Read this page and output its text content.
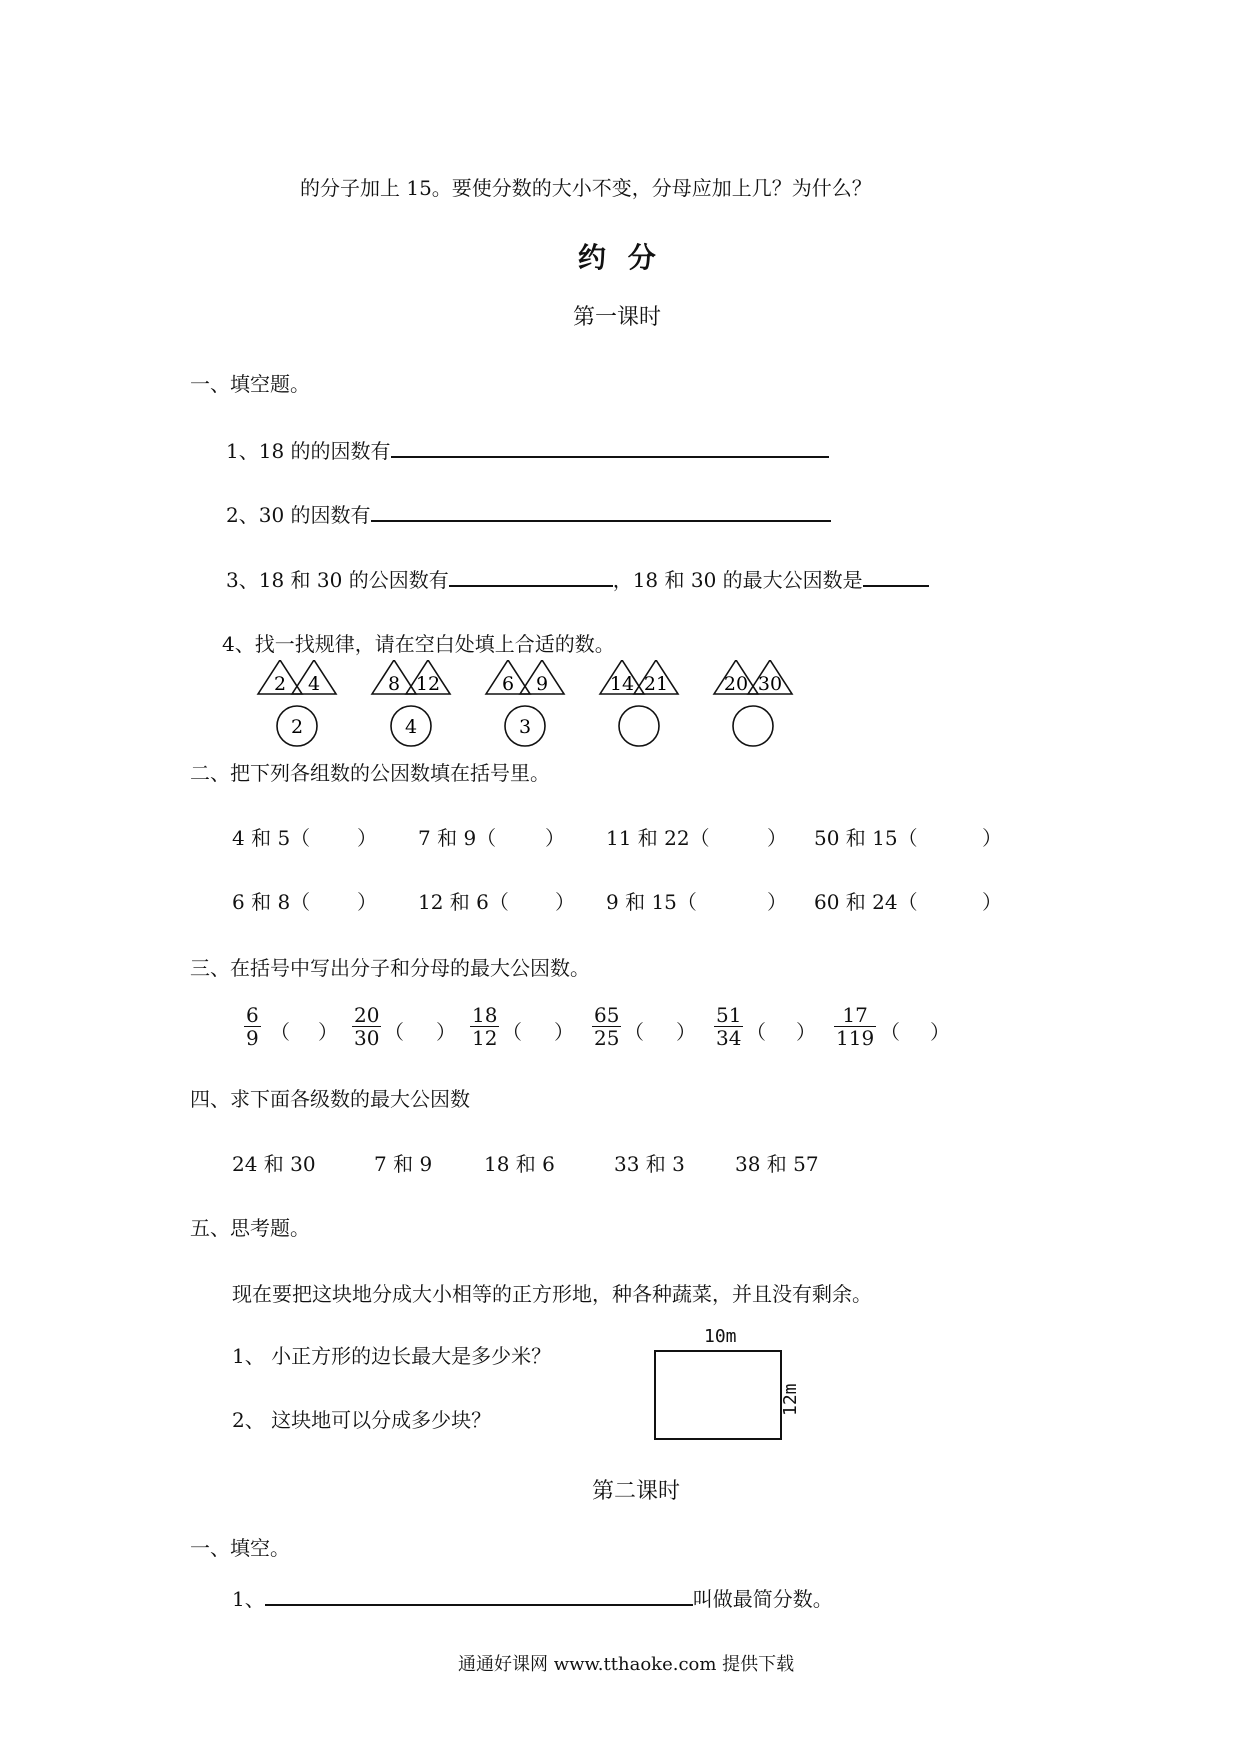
的分子加上 15。要使分数的大小不变，分母应加上几？为什么？
约 分
第一课时
一、填空题。
1、18 的的因数有
2、30 的因数有
3、18 和 30 的公因数有	，18 和 30 的最大公因数是
4、找一找规律，请在空白处填上合适的数。
2 4
2
8 12
4
6 9
3
14 21	20 30
二、把下列各组数的公因数填在括号里。
4 和 5（ ） 7 和 9（ ） 11 和 22（	） 50 和 15（	）
6 和 8（ ） 12 和 6（ ） 9 和 15（	） 60 和 24（	）
三、在括号中写出分子和分母的最大公因数。
$\frac{6}{9}$ （ ） $\frac{20}{30}$ （ ） $\frac{18}{12}$ （ ） $\frac{65}{25}$ （ ） $\frac{51}{34}$ （ ） $\frac{17}{119}$ （ ）
四、求下面各级数的最大公因数
24 和 30	7 和 9	18 和 6	33 和 3	38 和 57
五、思考题。
现在要把这块地分成大小相等的正方形地，种各种蔬菜，并且没有剩余。
1、 小正方形的边长最大是多少米？
2、 这块地可以分成多少块？
10m
12m
第二课时
一、填空。
1、	叫做最简分数。
通通好课网 www.tthaoke.com 提供下载
